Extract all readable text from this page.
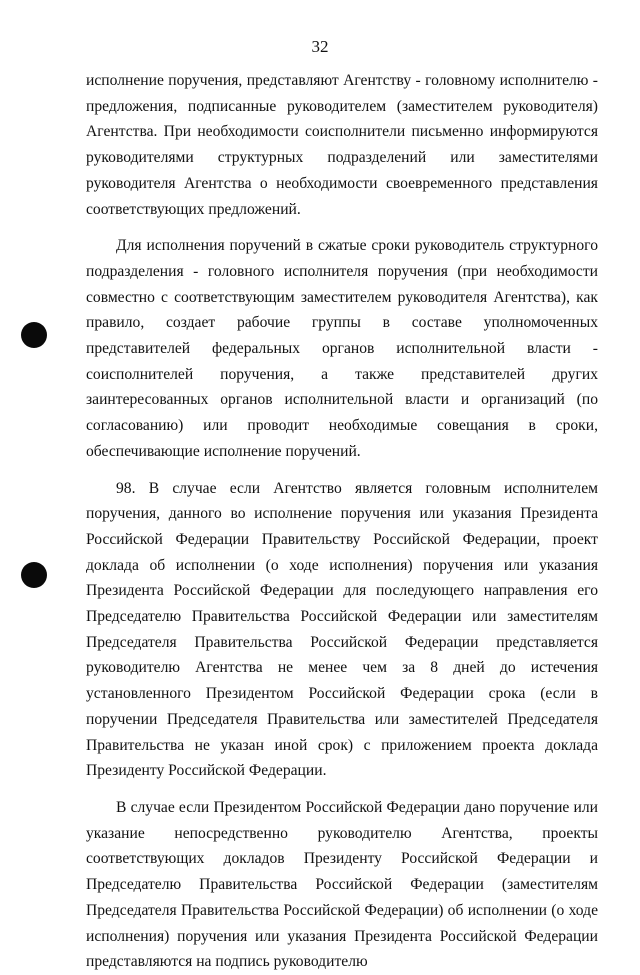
32

исполнение поручения, представляют Агентству - головному исполнителю - предложения, подписанные руководителем (заместителем руководителя) Агентства. При необходимости соисполнители письменно информируются руководителями структурных подразделений или заместителями руководителя Агентства о необходимости своевременного представления соответствующих предложений.

Для исполнения поручений в сжатые сроки руководитель структурного подразделения - головного исполнителя поручения (при необходимости совместно с соответствующим заместителем руководителя Агентства), как правило, создает рабочие группы в составе уполномоченных представителей федеральных органов исполнительной власти - соисполнителей поручения, а также представителей других заинтересованных органов исполнительной власти и организаций (по согласованию) или проводит необходимые совещания в сроки, обеспечивающие исполнение поручений.

98. В случае если Агентство является головным исполнителем поручения, данного во исполнение поручения или указания Президента Российской Федерации Правительству Российской Федерации, проект доклада об исполнении (о ходе исполнения) поручения или указания Президента Российской Федерации для последующего направления его Председателю Правительства Российской Федерации или заместителям Председателя Правительства Российской Федерации представляется руководителю Агентства не менее чем за 8 дней до истечения установленного Президентом Российской Федерации срока (если в поручении Председателя Правительства или заместителей Председателя Правительства не указан иной срок) с приложением проекта доклада Президенту Российской Федерации.

В случае если Президентом Российской Федерации дано поручение или указание непосредственно руководителю Агентства, проекты соответствующих докладов Президенту Российской Федерации и Председателю Правительства Российской Федерации (заместителям Председателя Правительства Российской Федерации) об исполнении (о ходе исполнения) поручения или указания Президента Российской Федерации представляются на подпись руководителю
